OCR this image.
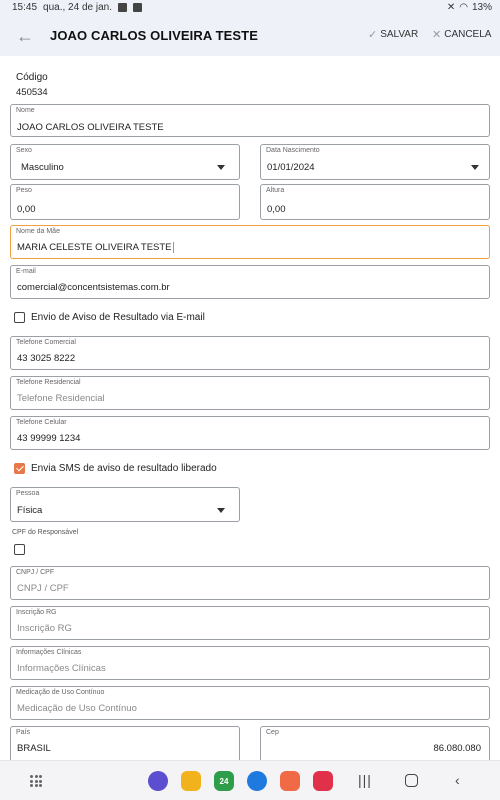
15:45 qua., 24 de jan.	✕ ◠ 13%
← JOAO CARLOS OLIVEIRA TESTE	✓ SALVAR ✕ CANCELA
Código
450534
Nome
JOAO CARLOS OLIVEIRA TESTE
Sexo
Masculino
Data Nascimento
01/01/2024
Peso
0,00
Altura
0,00
Nome da Mãe
MARIA CELESTE OLIVEIRA TESTE
E-mail
comercial@concentsistemas.com.br
Envio de Aviso de Resultado via E-mail
Telefone Comercial
43 3025 8222
Telefone Residencial
Telefone Residencial
Telefone Celular
43 99999 1234
Envia SMS de aviso de resultado liberado
Pessoa
Física
CPF do Responsável
CNPJ / CPF
CNPJ / CPF
Inscrição RG
Inscrição RG
Informações Clínicas
Informações Clínicas
Medicação de Uso Contínuo
Medicação de Uso Contínuo
País
BRASIL
Cep
86.080.080
24	|||	‹
